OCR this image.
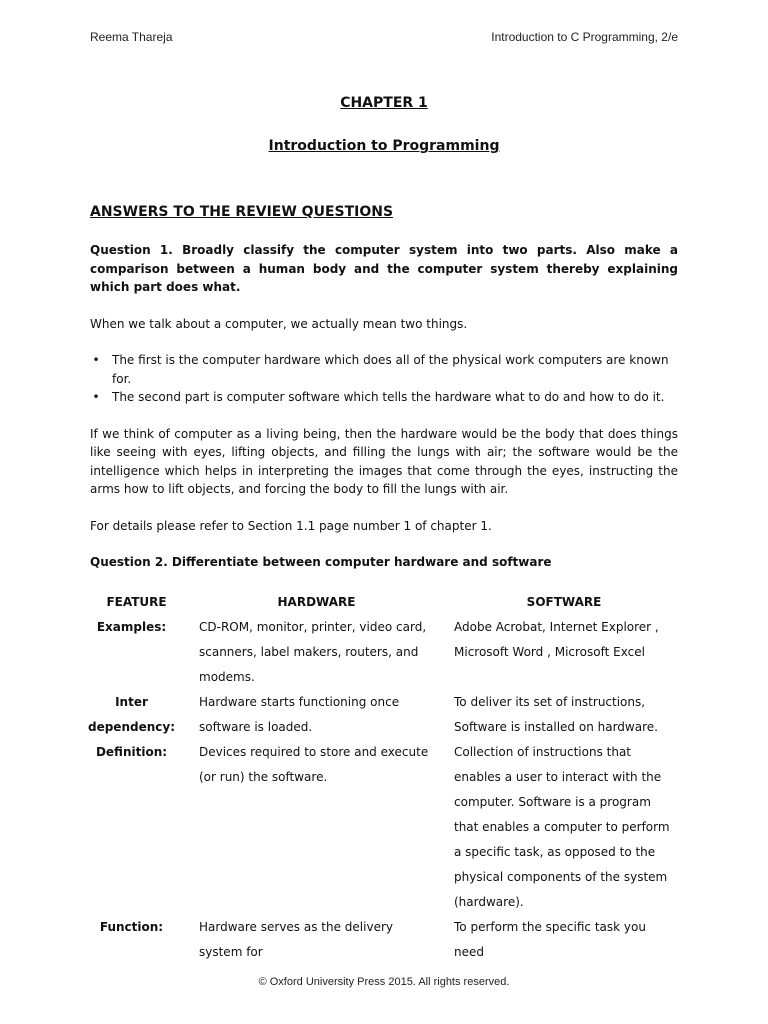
Reema Thareja	Introduction to C Programming, 2/e
CHAPTER 1
Introduction to Programming
ANSWERS TO THE REVIEW QUESTIONS

Question 1. Broadly classify the computer system into two parts. Also make a comparison between a human body and the computer system thereby explaining which part does what.

When we talk about a computer, we actually mean two things.

• The first is the computer hardware which does all of the physical work computers are known for.
• The second part is computer software which tells the hardware what to do and how to do it.

If we think of computer as a living being, then the hardware would be the body that does things like seeing with eyes, lifting objects, and filling the lungs with air; the software would be the intelligence which helps in interpreting the images that come through the eyes, instructing the arms how to lift objects, and forcing the body to fill the lungs with air.

For details please refer to Section 1.1 page number 1 of chapter 1.

Question 2. Differentiate between computer hardware and software

FEATURE	HARDWARE	SOFTWARE
Examples:	CD-ROM, monitor, printer, video card, scanners, label makers, routers, and modems.	Adobe Acrobat, Internet Explorer , Microsoft Word , Microsoft Excel
Inter dependency:	Hardware starts functioning once software is loaded.	To deliver its set of instructions, Software is installed on hardware.
Definition:	Devices required to store and execute (or run) the software.	Collection of instructions that enables a user to interact with the computer. Software is a program that enables a computer to perform a specific task, as opposed to the physical components of the system (hardware).
Function:	Hardware serves as the delivery system for	To perform the specific task you need
© Oxford University Press 2015. All rights reserved.
